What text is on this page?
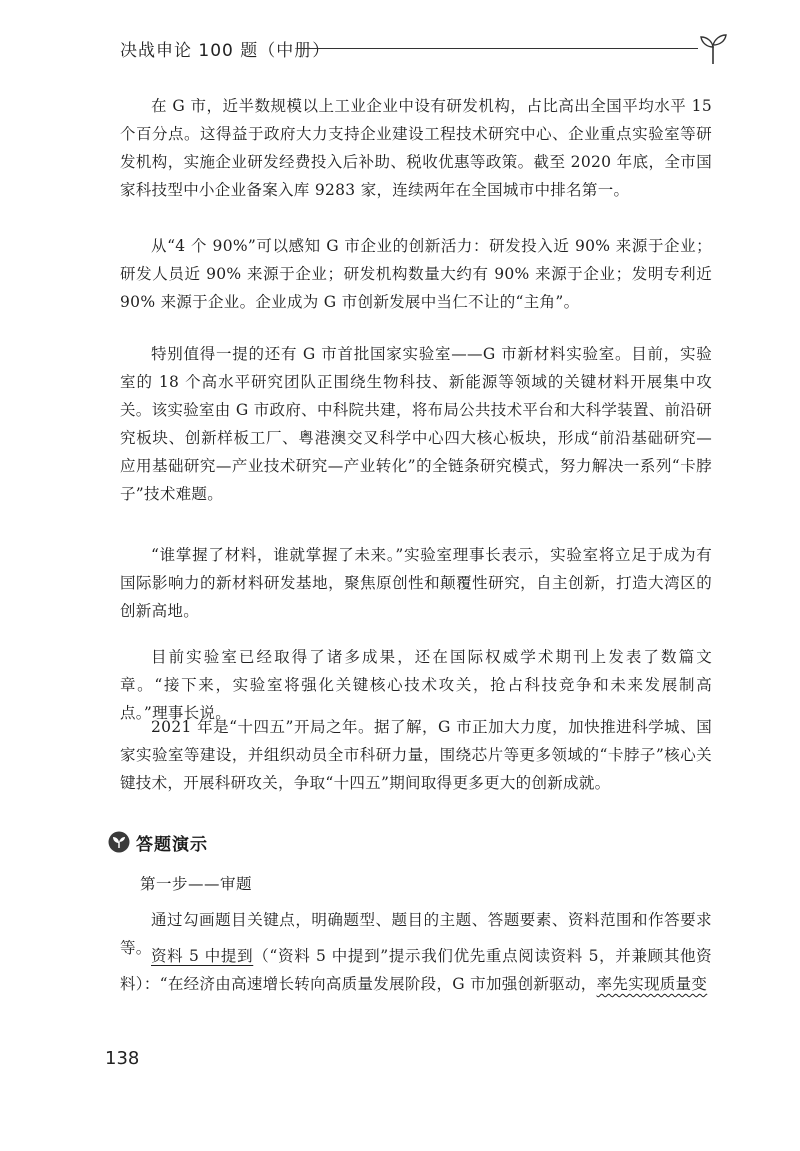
决战申论 100 题（中册）

在 G 市，近半数规模以上工业企业中设有研发机构，占比高出全国平均水平 15 个百分点。这得益于政府大力支持企业建设工程技术研究中心、企业重点实验室等研发机构，实施企业研发经费投入后补助、税收优惠等政策。截至 2020 年底，全市国家科技型中小企业备案入库 9283 家，连续两年在全国城市中排名第一。

从“4 个 90%”可以感知 G 市企业的创新活力：研发投入近 90% 来源于企业；研发人员近 90% 来源于企业；研发机构数量大约有 90% 来源于企业；发明专利近 90% 来源于企业。企业成为 G 市创新发展中当仁不让的“主角”。

特别值得一提的还有 G 市首批国家实验室——G 市新材料实验室。目前，实验室的 18 个高水平研究团队正围绕生物科技、新能源等领域的关键材料开展集中攻关。该实验室由 G 市政府、中科院共建，将布局公共技术平台和大科学装置、前沿研究板块、创新样板工厂、粤港澳交叉科学中心四大核心板块，形成“前沿基础研究—应用基础研究—产业技术研究—产业转化”的全链条研究模式，努力解决一系列“卡脖子”技术难题。

“谁掌握了材料，谁就掌握了未来。”实验室理事长表示，实验室将立足于成为有国际影响力的新材料研发基地，聚焦原创性和颠覆性研究，自主创新，打造大湾区的创新高地。

目前实验室已经取得了诸多成果，还在国际权威学术期刊上发表了数篇文章。“接下来，实验室将强化关键核心技术攻关，抢占科技竞争和未来发展制高点。”理事长说。

2021 年是“十四五”开局之年。据了解，G 市正加大力度，加快推进科学城、国家实验室等建设，并组织动员全市科研力量，围绕芯片等更多领域的“卡脖子”核心关键技术，开展科研攻关，争取“十四五”期间取得更多更大的创新成就。

答题演示
第一步——审题

通过勾画题目关键点，明确题型、题目的主题、答题要素、资料范围和作答要求等。 资料 5 中提到（“资料 5 中提到”提示我们优先重点阅读资料 5，并兼顾其他资料）：“在经济由高速增长转向高质量发展阶段，G 市加强创新驱动，率先实现质量变

138
